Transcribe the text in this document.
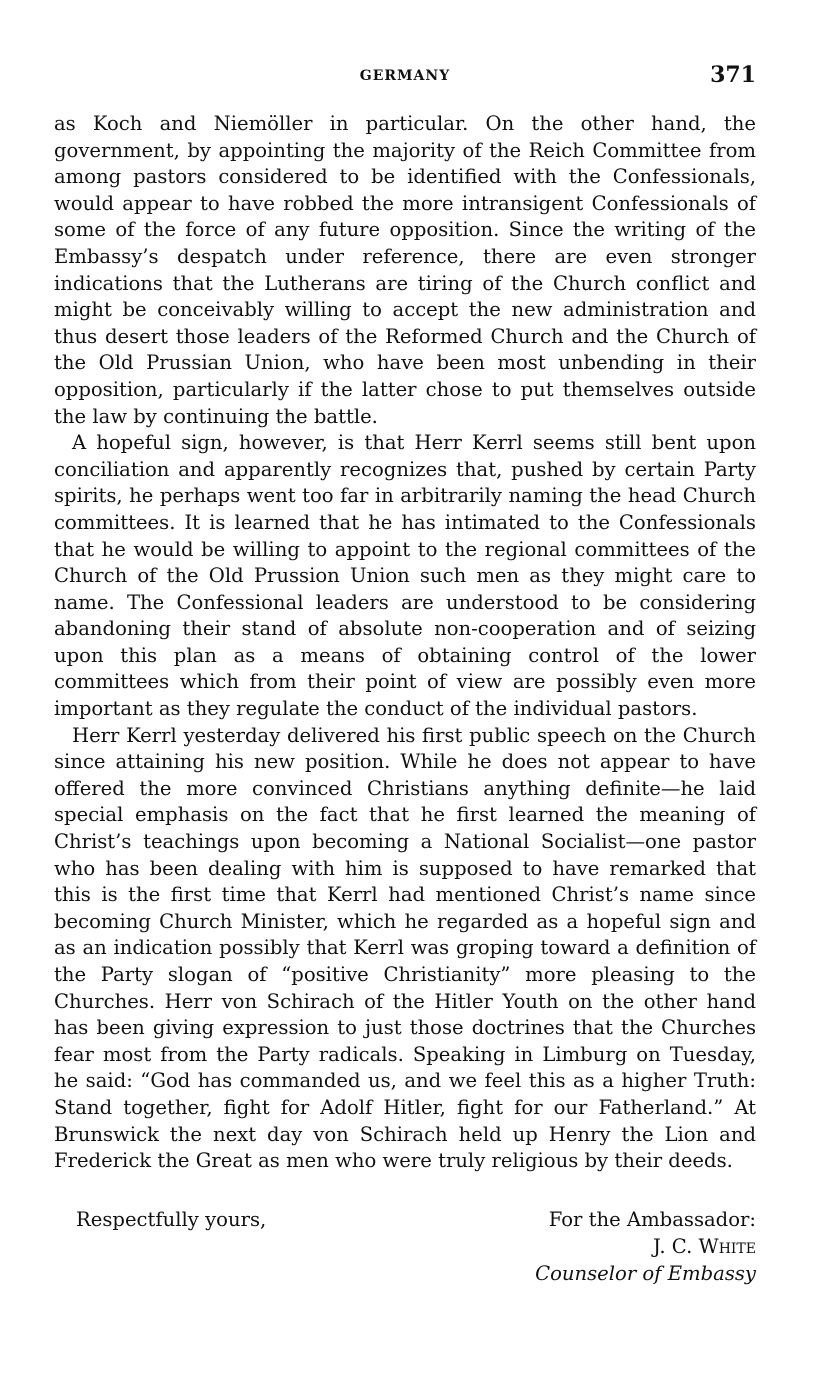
GERMANY	371

as Koch and Niemöller in particular. On the other hand, the government, by appointing the majority of the Reich Committee from among pastors considered to be identified with the Confessionals, would appear to have robbed the more intransigent Confessionals of some of the force of any future opposition. Since the writing of the Embassy’s despatch under reference, there are even stronger indications that the Lutherans are tiring of the Church conflict and might be conceivably willing to accept the new administration and thus desert those leaders of the Reformed Church and the Church of the Old Prussian Union, who have been most unbending in their opposition, particularly if the latter chose to put themselves outside the law by continuing the battle.

A hopeful sign, however, is that Herr Kerrl seems still bent upon conciliation and apparently recognizes that, pushed by certain Party spirits, he perhaps went too far in arbitrarily naming the head Church committees. It is learned that he has intimated to the Confessionals that he would be willing to appoint to the regional committees of the Church of the Old Prussion Union such men as they might care to name. The Confessional leaders are understood to be considering abandoning their stand of absolute non-cooperation and of seizing upon this plan as a means of obtaining control of the lower committees which from their point of view are possibly even more important as they regulate the conduct of the individual pastors.

Herr Kerrl yesterday delivered his first public speech on the Church since attaining his new position. While he does not appear to have offered the more convinced Christians anything definite—he laid special emphasis on the fact that he first learned the meaning of Christ’s teachings upon becoming a National Socialist—one pastor who has been dealing with him is supposed to have remarked that this is the first time that Kerrl had mentioned Christ’s name since becoming Church Minister, which he regarded as a hopeful sign and as an indication possibly that Kerrl was groping toward a definition of the Party slogan of “positive Christianity” more pleasing to the Churches. Herr von Schirach of the Hitler Youth on the other hand has been giving expression to just those doctrines that the Churches fear most from the Party radicals. Speaking in Limburg on Tuesday, he said: “God has commanded us, and we feel this as a higher Truth: Stand together, fight for Adolf Hitler, fight for our Fatherland.” At Brunswick the next day von Schirach held up Henry the Lion and Frederick the Great as men who were truly religious by their deeds.

Respectfully yours,	For the Ambassador:
J. C. White
Counselor of Embassy
